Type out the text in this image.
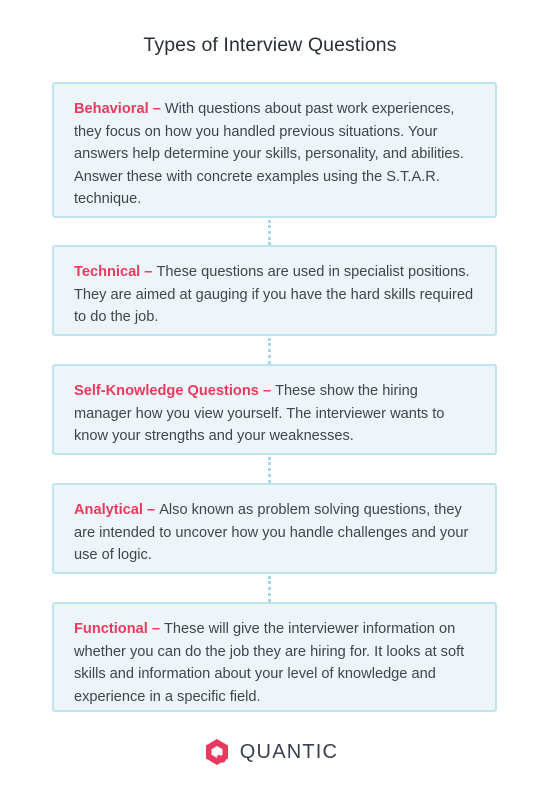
Types of Interview Questions
Behavioral – With questions about past work experiences, they focus on how you handled previous situations. Your answers help determine your skills, personality, and abilities. Answer these with concrete examples using the S.T.A.R. technique.
Technical – These questions are used in specialist positions. They are aimed at gauging if you have the hard skills required to do the job.
Self-Knowledge Questions – These show the hiring manager how you view yourself. The interviewer wants to know your strengths and your weaknesses.
Analytical – Also known as problem solving questions, they are intended to uncover how you handle challenges and your use of logic.
Functional – These will give the interviewer information on whether you can do the job they are hiring for. It looks at soft skills and information about your level of knowledge and experience in a specific field.
QUANTIC
